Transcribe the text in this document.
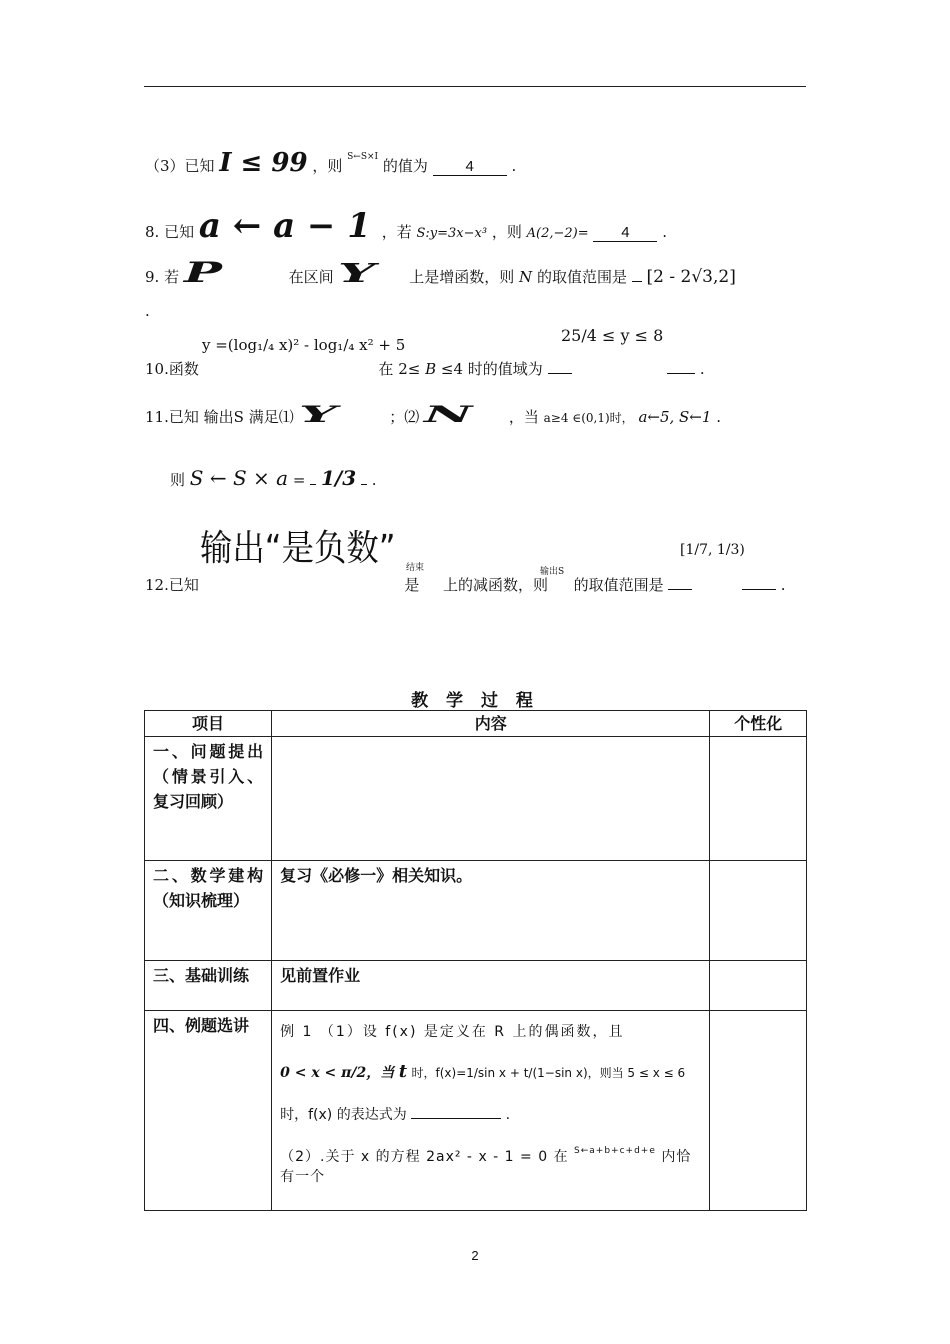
（3）已知 I ≤ 99 ，则 $^{S\leftarrow S\times I}$ 的值为	4	.
8. 已知 a ← a − 1 ，若 S:y=3x−x³ ，则 A(2,−2)= 4 .
9. 若 P	在区间 Y 上是增函数，则 N 的取值范围是 [2 - 2√3,2]
.
y =(log₁/₄ x)² - log₁/₄ x² + 5	25/4 ≤ y ≤ 8
10.函数	在 2≤ B ≤4 时的值域为	.
11.已知 输出S 满足⑴ Y	；⑵ N ，当 a≥4 ∈(0,1)时， a←5, S←1 .
则 S ← S × a = 1/3 .
输出“是负数” 结束	输出S
[1/7, 1/3)
12.已知	是 上的减函数，则 的取值范围是	.
教 学 过 程
项目	内容	个性化
一、问题提出（情景引入、复习回顾）		
二、数学建构（知识梳理）	复习《必修一》相关知识。	
三、基础训练	见前置作业	
四、例题选讲	例 1 （1）设 f(x) 是定义在 R 上的偶函数，且
0 < x < π/2，当 t 时，f(x)=1/sin x + t/(1−sin x)，则当 5 ≤ x ≤ 6
时，f(x) 的表达式为 .
（2）.关于 x 的方程 2ax² - x - 1 = 0 在 $^{S\leftarrow a+b+c+d+e}$ 内恰有一个	

2
